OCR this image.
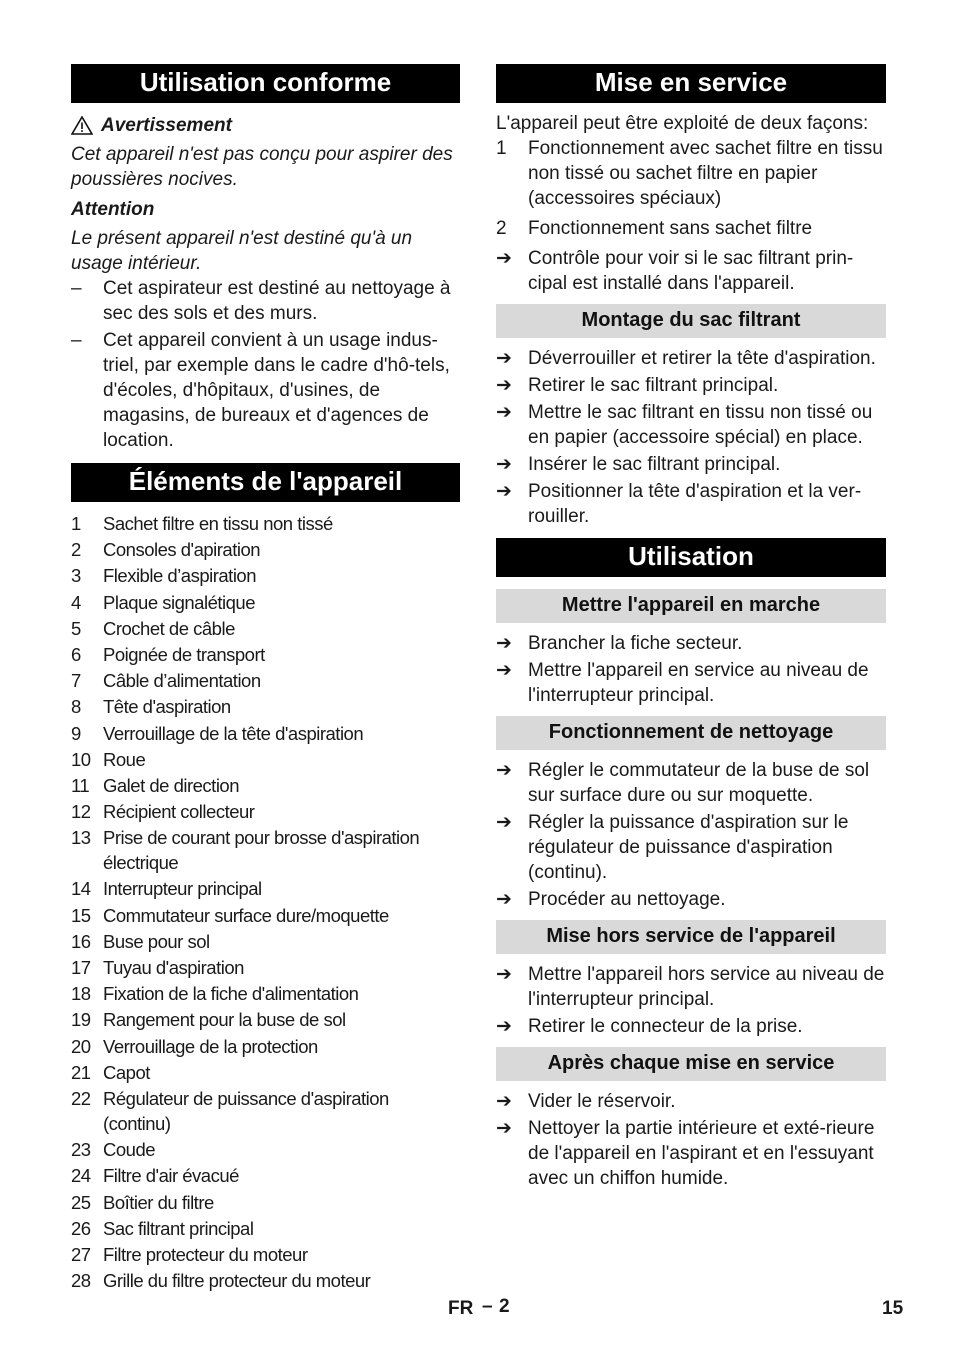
Utilisation conforme
Avertissement
Cet appareil n'est pas conçu pour aspirer des poussières nocives.
Attention
Le présent appareil n'est destiné qu'à un usage intérieur.
–	Cet aspirateur est destiné au nettoyage à sec des sols et des murs.
–	Cet appareil convient à un usage indus-triel, par exemple dans le cadre d'hô-tels, d'écoles, d'hôpitaux, d'usines, de magasins, de bureaux et d'agences de location.
Éléments de l'appareil
1	Sachet filtre en tissu non tissé
2	Consoles d'apiration
3	Flexible d’aspiration
4	Plaque signalétique
5	Crochet de câble
6	Poignée de transport
7	Câble d’alimentation
8	Tête d'aspiration
9	Verrouillage de la tête d'aspiration
10 Roue
11 Galet de direction
12 Récipient collecteur
13 Prise de courant pour brosse d'aspiration électrique
14 Interrupteur principal
15 Commutateur surface dure/moquette
16 Buse pour sol
17 Tuyau d'aspiration
18 Fixation de la fiche d'alimentation
19 Rangement pour la buse de sol
20 Verrouillage de la protection
21 Capot
22 Régulateur de puissance d'aspiration (continu)
23 Coude
24 Filtre d'air évacué
25 Boîtier du filtre
26 Sac filtrant principal
27 Filtre protecteur du moteur
28 Grille du filtre protecteur du moteur
Mise en service
L'appareil peut être exploité de deux façons:
1	Fonctionnement avec sachet filtre en tissu non tissé ou sachet filtre en papier (accessoires spéciaux)
2	Fonctionnement sans sachet filtre
➔ Contrôle pour voir si le sac filtrant prin-cipal est installé dans l'appareil.
Montage du sac filtrant
➔ Déverrouiller et retirer la tête d'aspiration.
➔ Retirer le sac filtrant principal.
➔ Mettre le sac filtrant en tissu non tissé ou en papier (accessoire spécial) en place.
➔ Insérer le sac filtrant principal.
➔ Positionner la tête d'aspiration et la ver-rouiller.
Utilisation
Mettre l'appareil en marche
➔ Brancher la fiche secteur.
➔ Mettre l'appareil en service au niveau de l'interrupteur principal.
Fonctionnement de nettoyage
➔ Régler le commutateur de la buse de sol sur surface dure ou sur moquette.
➔ Régler la puissance d'aspiration sur le régulateur de puissance d'aspiration (continu).
➔ Procéder au nettoyage.
Mise hors service de l'appareil
➔ Mettre l'appareil hors service au niveau de l'interrupteur principal.
➔ Retirer le connecteur de la prise.
Après chaque mise en service
➔ Vider le réservoir.
➔ Nettoyer la partie intérieure et exté-rieure de l'appareil en l'aspirant et en l'essuyant avec un chiffon humide.
FR – 2	15
